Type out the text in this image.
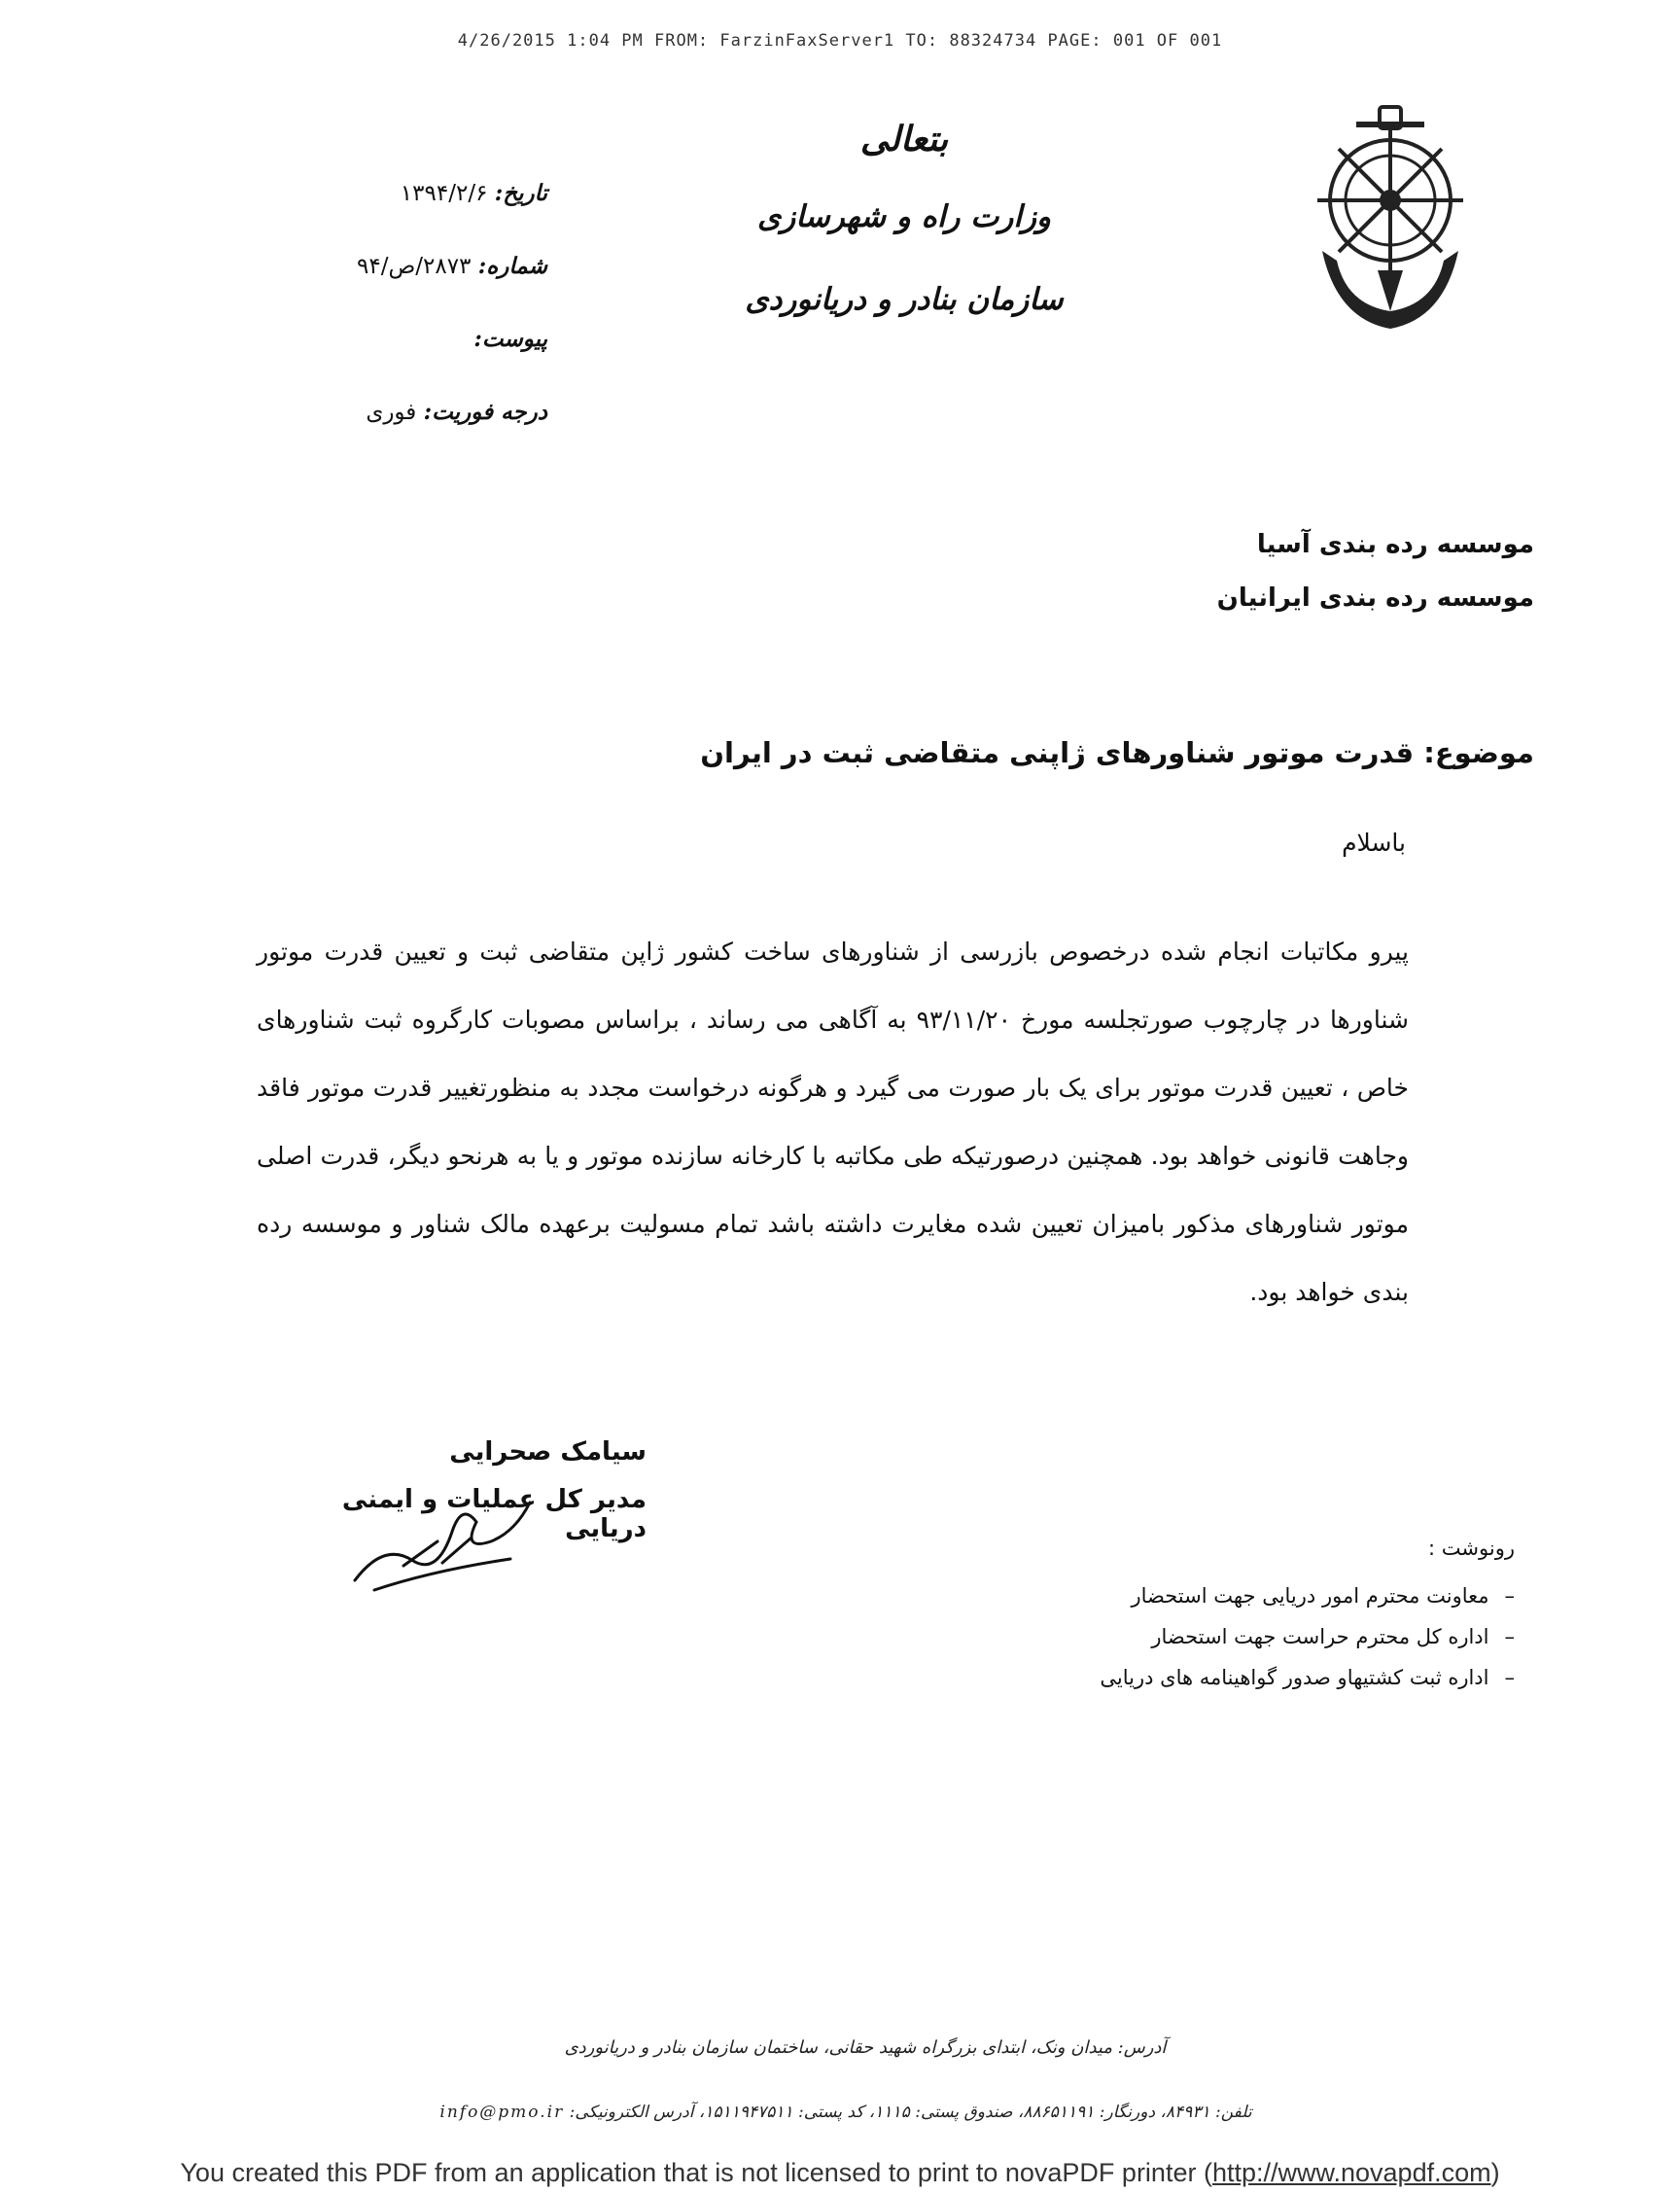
4/26/2015 1:04 PM FROM: FarzinFaxServer1 TO: 88324734 PAGE: 001 OF 001
بتعالی
وزارت راه و شهرسازی
سازمان بنادر و دریانوردی
تاریخ: ۱۳۹۴/۲/۶
شماره: ۲۸۷۳/ص/۹۴
پیوست:
درجه فوریت: فوری
موسسه رده بندی آسیا
موسسه رده بندی ایرانیان
موضوع: قدرت موتور شناورهای ژاپنی متقاضی ثبت در ایران
باسلام
پیرو مکاتبات انجام شده درخصوص بازرسی از شناورهای ساخت کشور ژاپن متقاضی ثبت و تعیین قدرت موتور شناورها در چارچوب صورتجلسه مورخ ۹۳/۱۱/۲۰ به آگاهی می رساند ، براساس مصوبات کارگروه ثبت شناورهای خاص ، تعیین قدرت موتور برای یک بار صورت می گیرد و هرگونه درخواست مجدد به منظورتغییر قدرت موتور فاقد وجاهت قانونی خواهد بود. همچنین درصورتیکه طی مکاتبه با کارخانه سازنده موتور و یا به هرنحو دیگر، قدرت اصلی موتور شناورهای مذکور بامیزان تعیین شده مغایرت داشته باشد تمام مسولیت برعهده مالک شناور و موسسه رده بندی خواهد بود.
سیامک صحرایی
مدیر کل عملیات و ایمنی دریایی
رونوشت :
–معاونت محترم امور دریایی جهت استحضار
–اداره کل محترم حراست جهت استحضار
–اداره ثبت کشتیهاو صدور گواهینامه های دریایی
آدرس: میدان ونک، ابتدای بزرگراه شهید حقانی، ساختمان سازمان بنادر و دریانوردی
تلفن: ۸۴۹۳۱، دورنگار: ۸۸۶۵۱۱۹۱، صندوق پستی: ۱۱۱۵، کد پستی: ۱۵۱۱۹۴۷۵۱۱، آدرس الکترونیکی: info@pmo.ir
You created this PDF from an application that is not licensed to print to novaPDF printer (http://www.novapdf.com)
